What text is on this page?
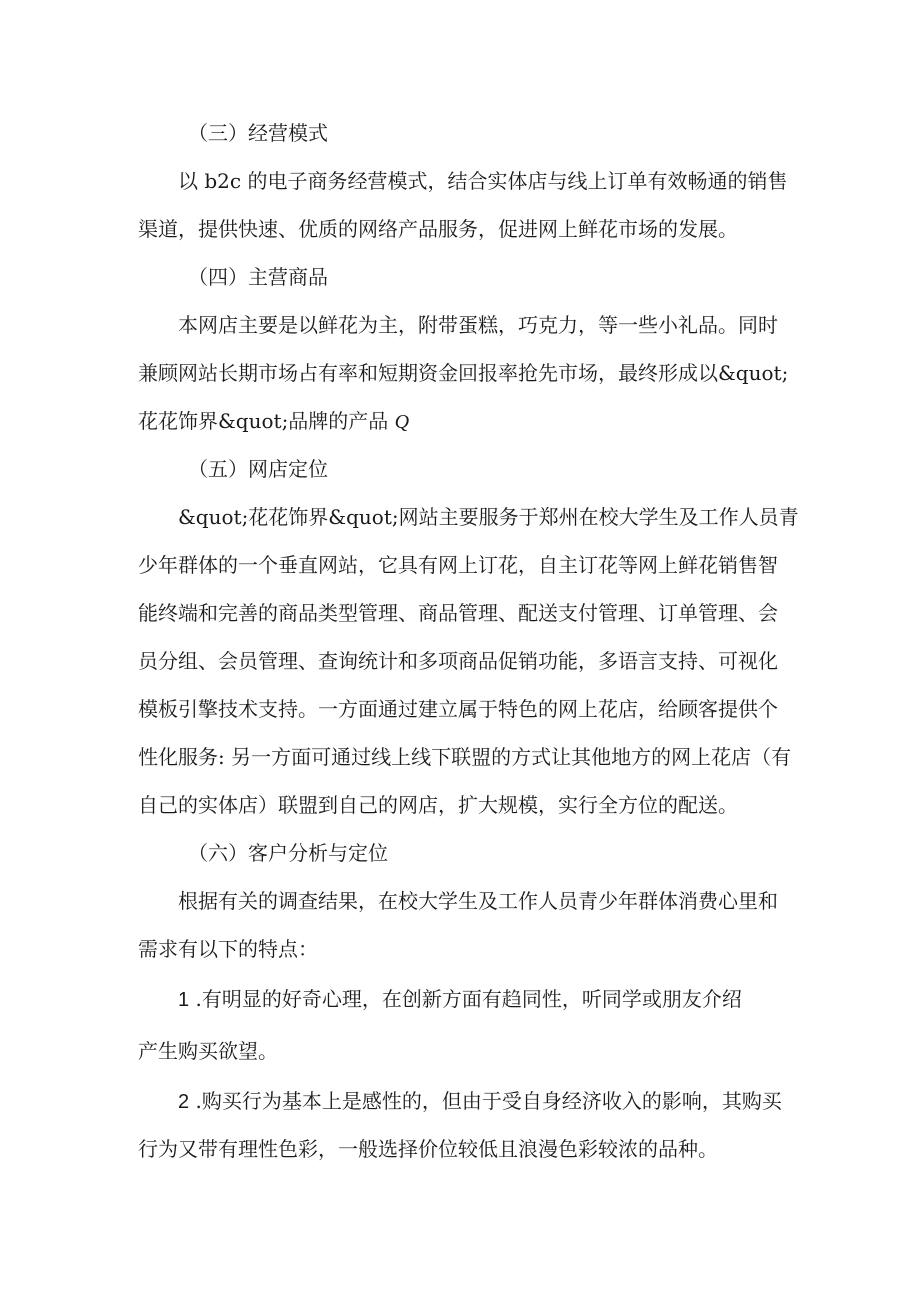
（三）经营模式

以 b2c 的电子商务经营模式，结合实体店与线上订单有效畅通的销售

渠道，提供快速、优质的网络产品服务，促进网上鲜花市场的发展。

（四）主营商品

本网店主要是以鲜花为主，附带蛋糕，巧克力，等一些小礼品。同时

兼顾网站长期市场占有率和短期资金回报率抢先市场，最终形成以&quot;

花花饰界&quot;品牌的产品 Q

（五）网店定位

&quot;花花饰界&quot;网站主要服务于郑州在校大学生及工作人员青

少年群体的一个垂直网站，它具有网上订花，自主订花等网上鲜花销售智

能终端和完善的商品类型管理、商品管理、配送支付管理、订单管理、会

员分组、会员管理、查询统计和多项商品促销功能，多语言支持、可视化

模板引擎技术支持。一方面通过建立属于特色的网上花店，给顾客提供个

性化服务: 另一方面可通过线上线下联盟的方式让其他地方的网上花店（有

自己的实体店）联盟到自己的网店，扩大规模，实行全方位的配送。

（六）客户分析与定位

根据有关的调查结果，在校大学生及工作人员青少年群体消费心里和

需求有以下的特点：

1 .有明显的好奇心理，在创新方面有趋同性，听同学或朋友介绍

产生购买欲望。

2 .购买行为基本上是感性的，但由于受自身经济收入的影响，其购买

行为又带有理性色彩，一般选择价位较低且浪漫色彩较浓的品种。
